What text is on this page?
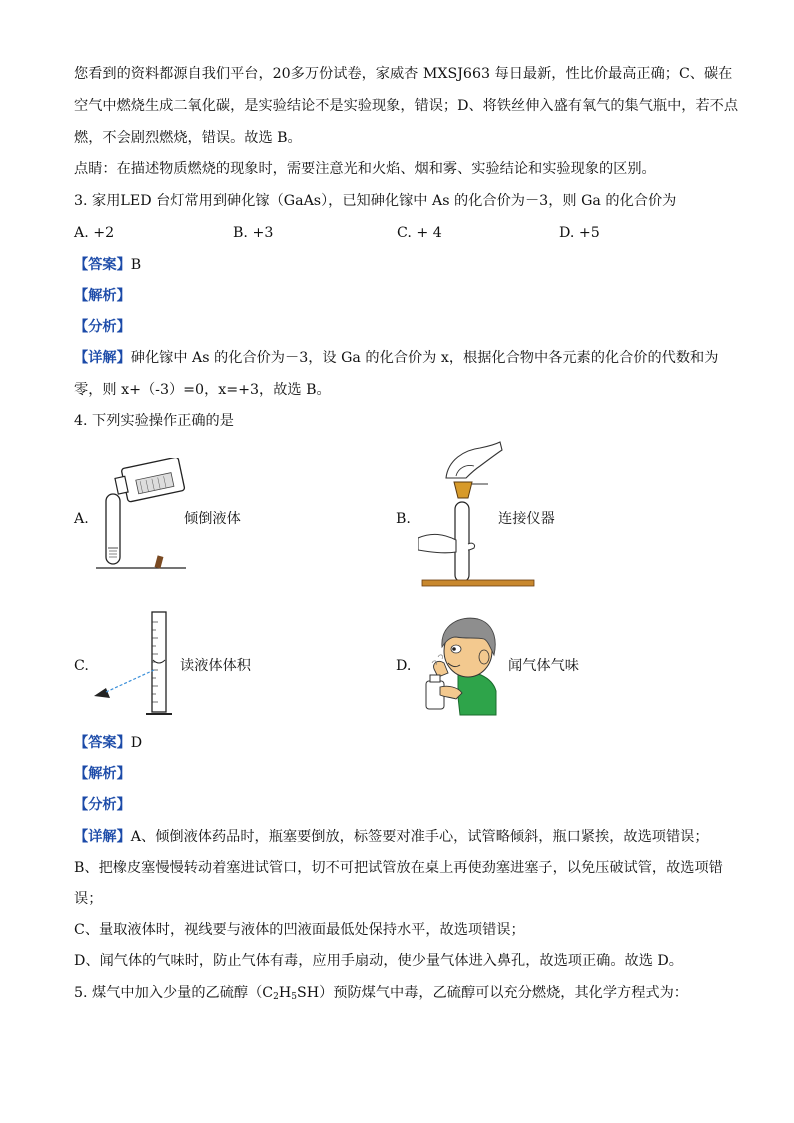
您看到的资料都源自我们平台，20多万份试卷，家威杏 MXSJ663 每日最新，性比价最高正确；C、碳在
空气中燃烧生成二氧化碳，是实验结论不是实验现象，错误；D、将铁丝伸入盛有氧气的集气瓶中，若不点
燃，不会剧烈燃烧，错误。故选 B。
点睛：在描述物质燃烧的现象时，需要注意光和火焰、烟和雾、实验结论和实验现象的区别。
3. 家用LED 台灯常用到砷化镓（GaAs），已知砷化镓中 As 的化合价为－3，则 Ga 的化合价为
A. +2	B. +3	C. + 4	D. +5
【答案】B
【解析】
【分析】
【详解】砷化镓中 As 的化合价为－3，设 Ga 的化合价为 x，根据化合物中各元素的化合价的代数和为
零，则 x+（-3）=0，x=+3，故选 B。
4. 下列实验操作正确的是
A.	倾倒液体	B.	连接仪器
C.	读液体体积	D.	闻气体气味
【答案】D
【解析】
【分析】
【详解】A、倾倒液体药品时，瓶塞要倒放，标签要对准手心，试管略倾斜，瓶口紧挨，故选项错误；
B、把橡皮塞慢慢转动着塞进试管口，切不可把试管放在桌上再使劲塞进塞子，以免压破试管，故选项错
误；
C、量取液体时，视线要与液体的凹液面最低处保持水平，故选项错误；
D、闻气体的气味时，防止气体有毒，应用手扇动，使少量气体进入鼻孔，故选项正确。故选 D。
5. 煤气中加入少量的乙硫醇$(C_2H_5SH)$预防煤气中毒，乙硫醇可以充分燃烧，其化学方程式为：
